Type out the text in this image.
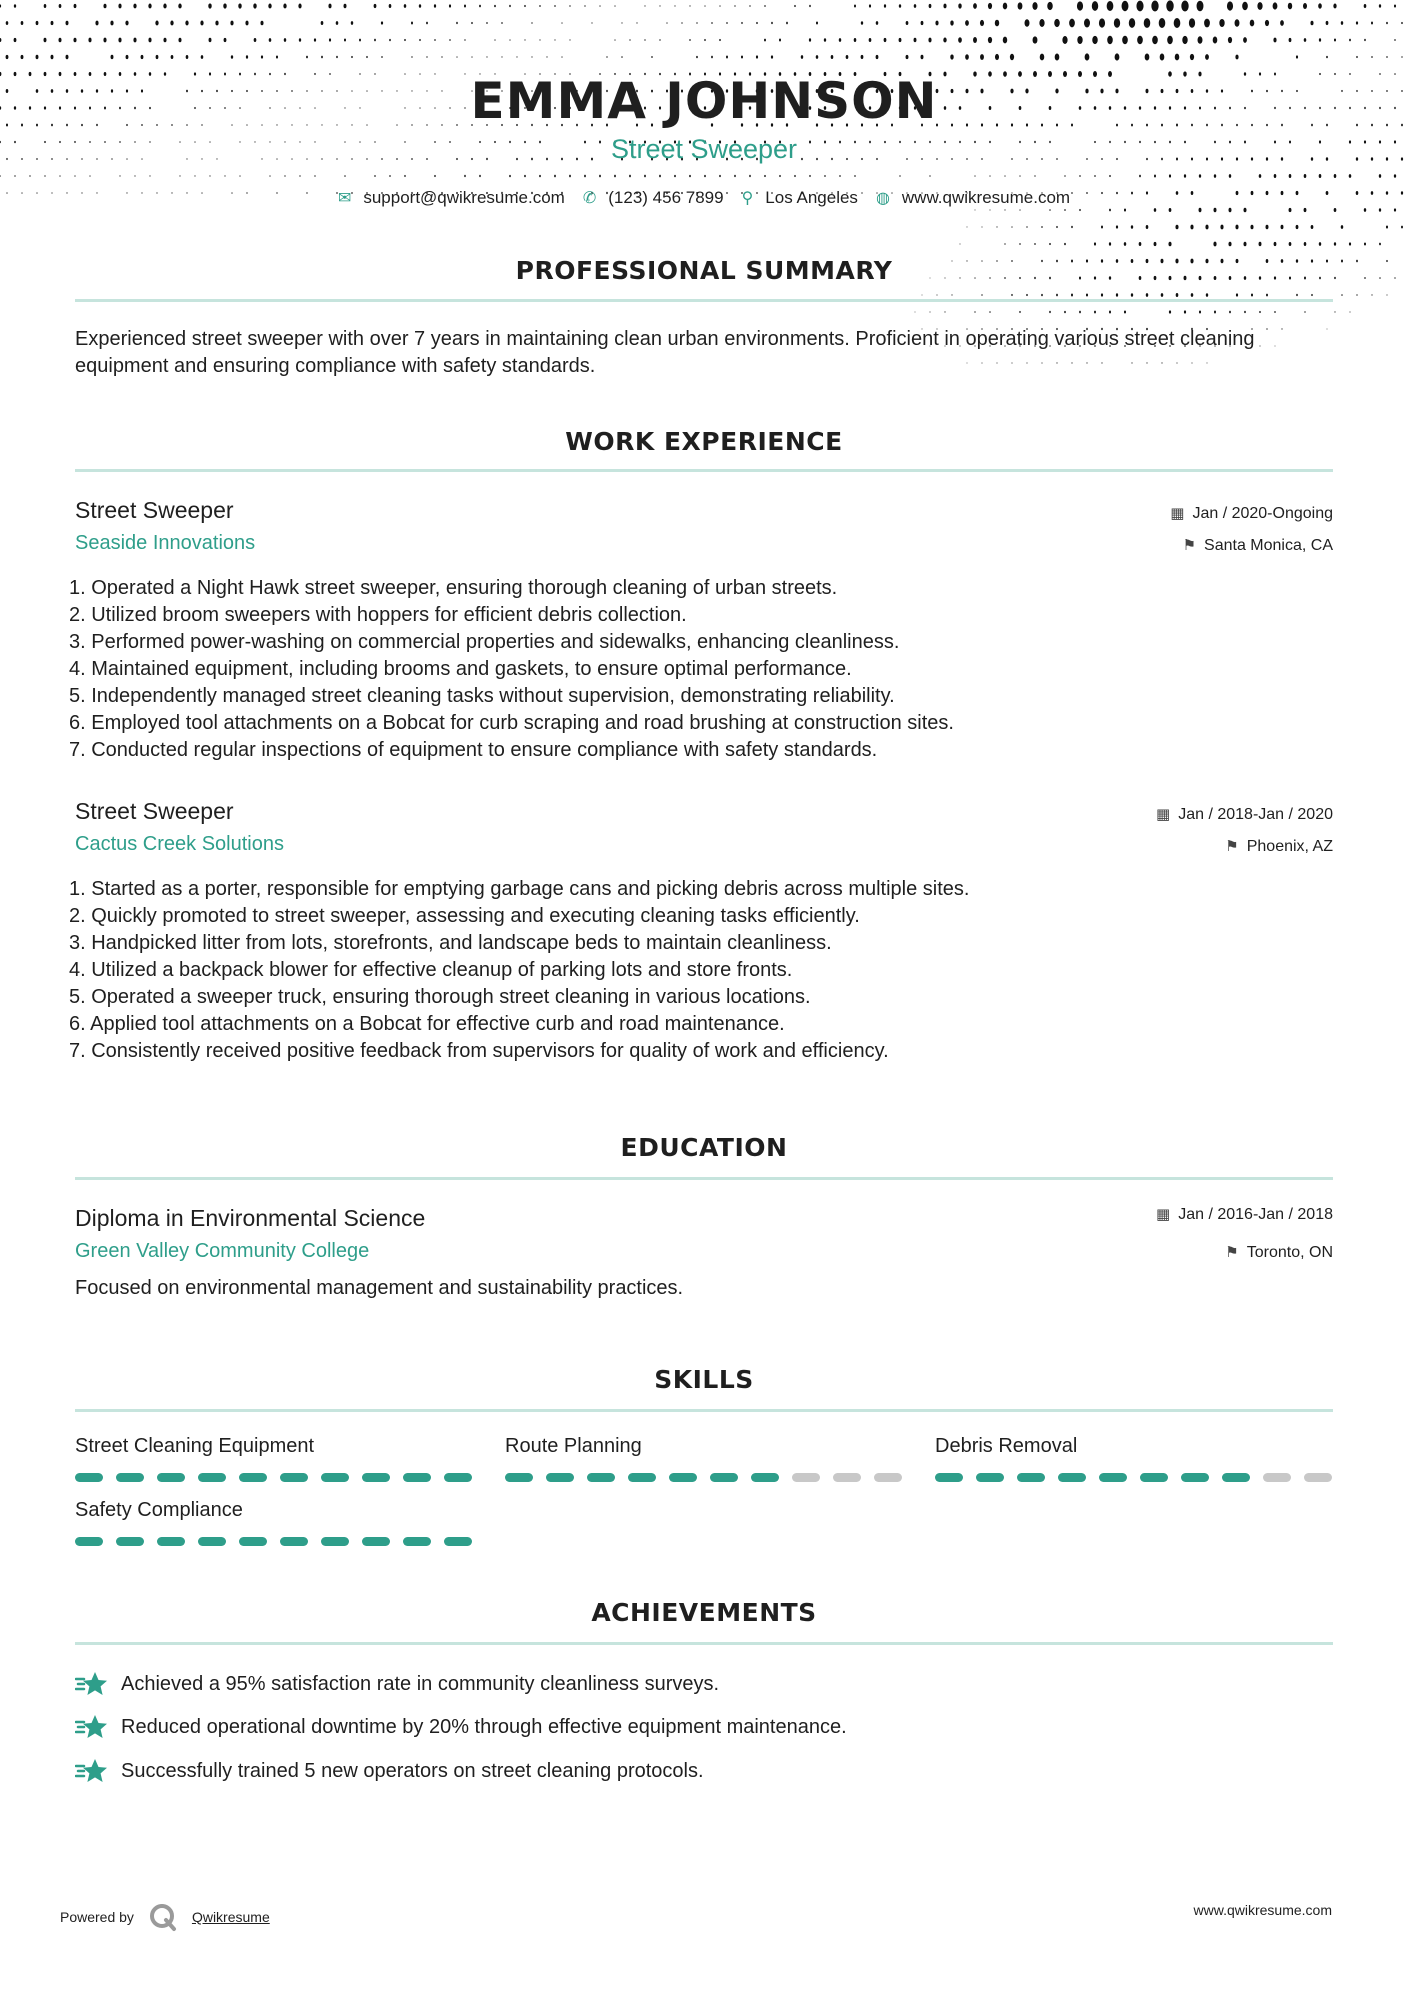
EMMA JOHNSON
Street Sweeper
✉ support@qwikresume.com ✆ (123) 456 7899 ⚲ Los Angeles ◍ www.qwikresume.com
PROFESSIONAL SUMMARY
Experienced street sweeper with over 7 years in maintaining clean urban environments. Proficient in operating various street cleaning equipment and ensuring compliance with safety standards.
WORK EXPERIENCE
Street Sweeper
Seaside Innovations
▦ Jan / 2020-Ongoing
⚑ Santa Monica, CA
1. Operated a Night Hawk street sweeper, ensuring thorough cleaning of urban streets.
2. Utilized broom sweepers with hoppers for efficient debris collection.
3. Performed power-washing on commercial properties and sidewalks, enhancing cleanliness.
4. Maintained equipment, including brooms and gaskets, to ensure optimal performance.
5. Independently managed street cleaning tasks without supervision, demonstrating reliability.
6. Employed tool attachments on a Bobcat for curb scraping and road brushing at construction sites.
7. Conducted regular inspections of equipment to ensure compliance with safety standards.
Street Sweeper
Cactus Creek Solutions
▦ Jan / 2018-Jan / 2020
⚑ Phoenix, AZ
1. Started as a porter, responsible for emptying garbage cans and picking debris across multiple sites.
2. Quickly promoted to street sweeper, assessing and executing cleaning tasks efficiently.
3. Handpicked litter from lots, storefronts, and landscape beds to maintain cleanliness.
4. Utilized a backpack blower for effective cleanup of parking lots and store fronts.
5. Operated a sweeper truck, ensuring thorough street cleaning in various locations.
6. Applied tool attachments on a Bobcat for effective curb and road maintenance.
7. Consistently received positive feedback from supervisors for quality of work and efficiency.
EDUCATION
Diploma in Environmental Science
Green Valley Community College
▦ Jan / 2016-Jan / 2018
⚑ Toronto, ON
Focused on environmental management and sustainability practices.
SKILLS
Street Cleaning Equipment	Route Planning	Debris Removal
Safety Compliance
ACHIEVEMENTS
Achieved a 95% satisfaction rate in community cleanliness surveys.
Reduced operational downtime by 20% through effective equipment maintenance.
Successfully trained 5 new operators on street cleaning protocols.
Powered by	Qwikresume	www.qwikresume.com
